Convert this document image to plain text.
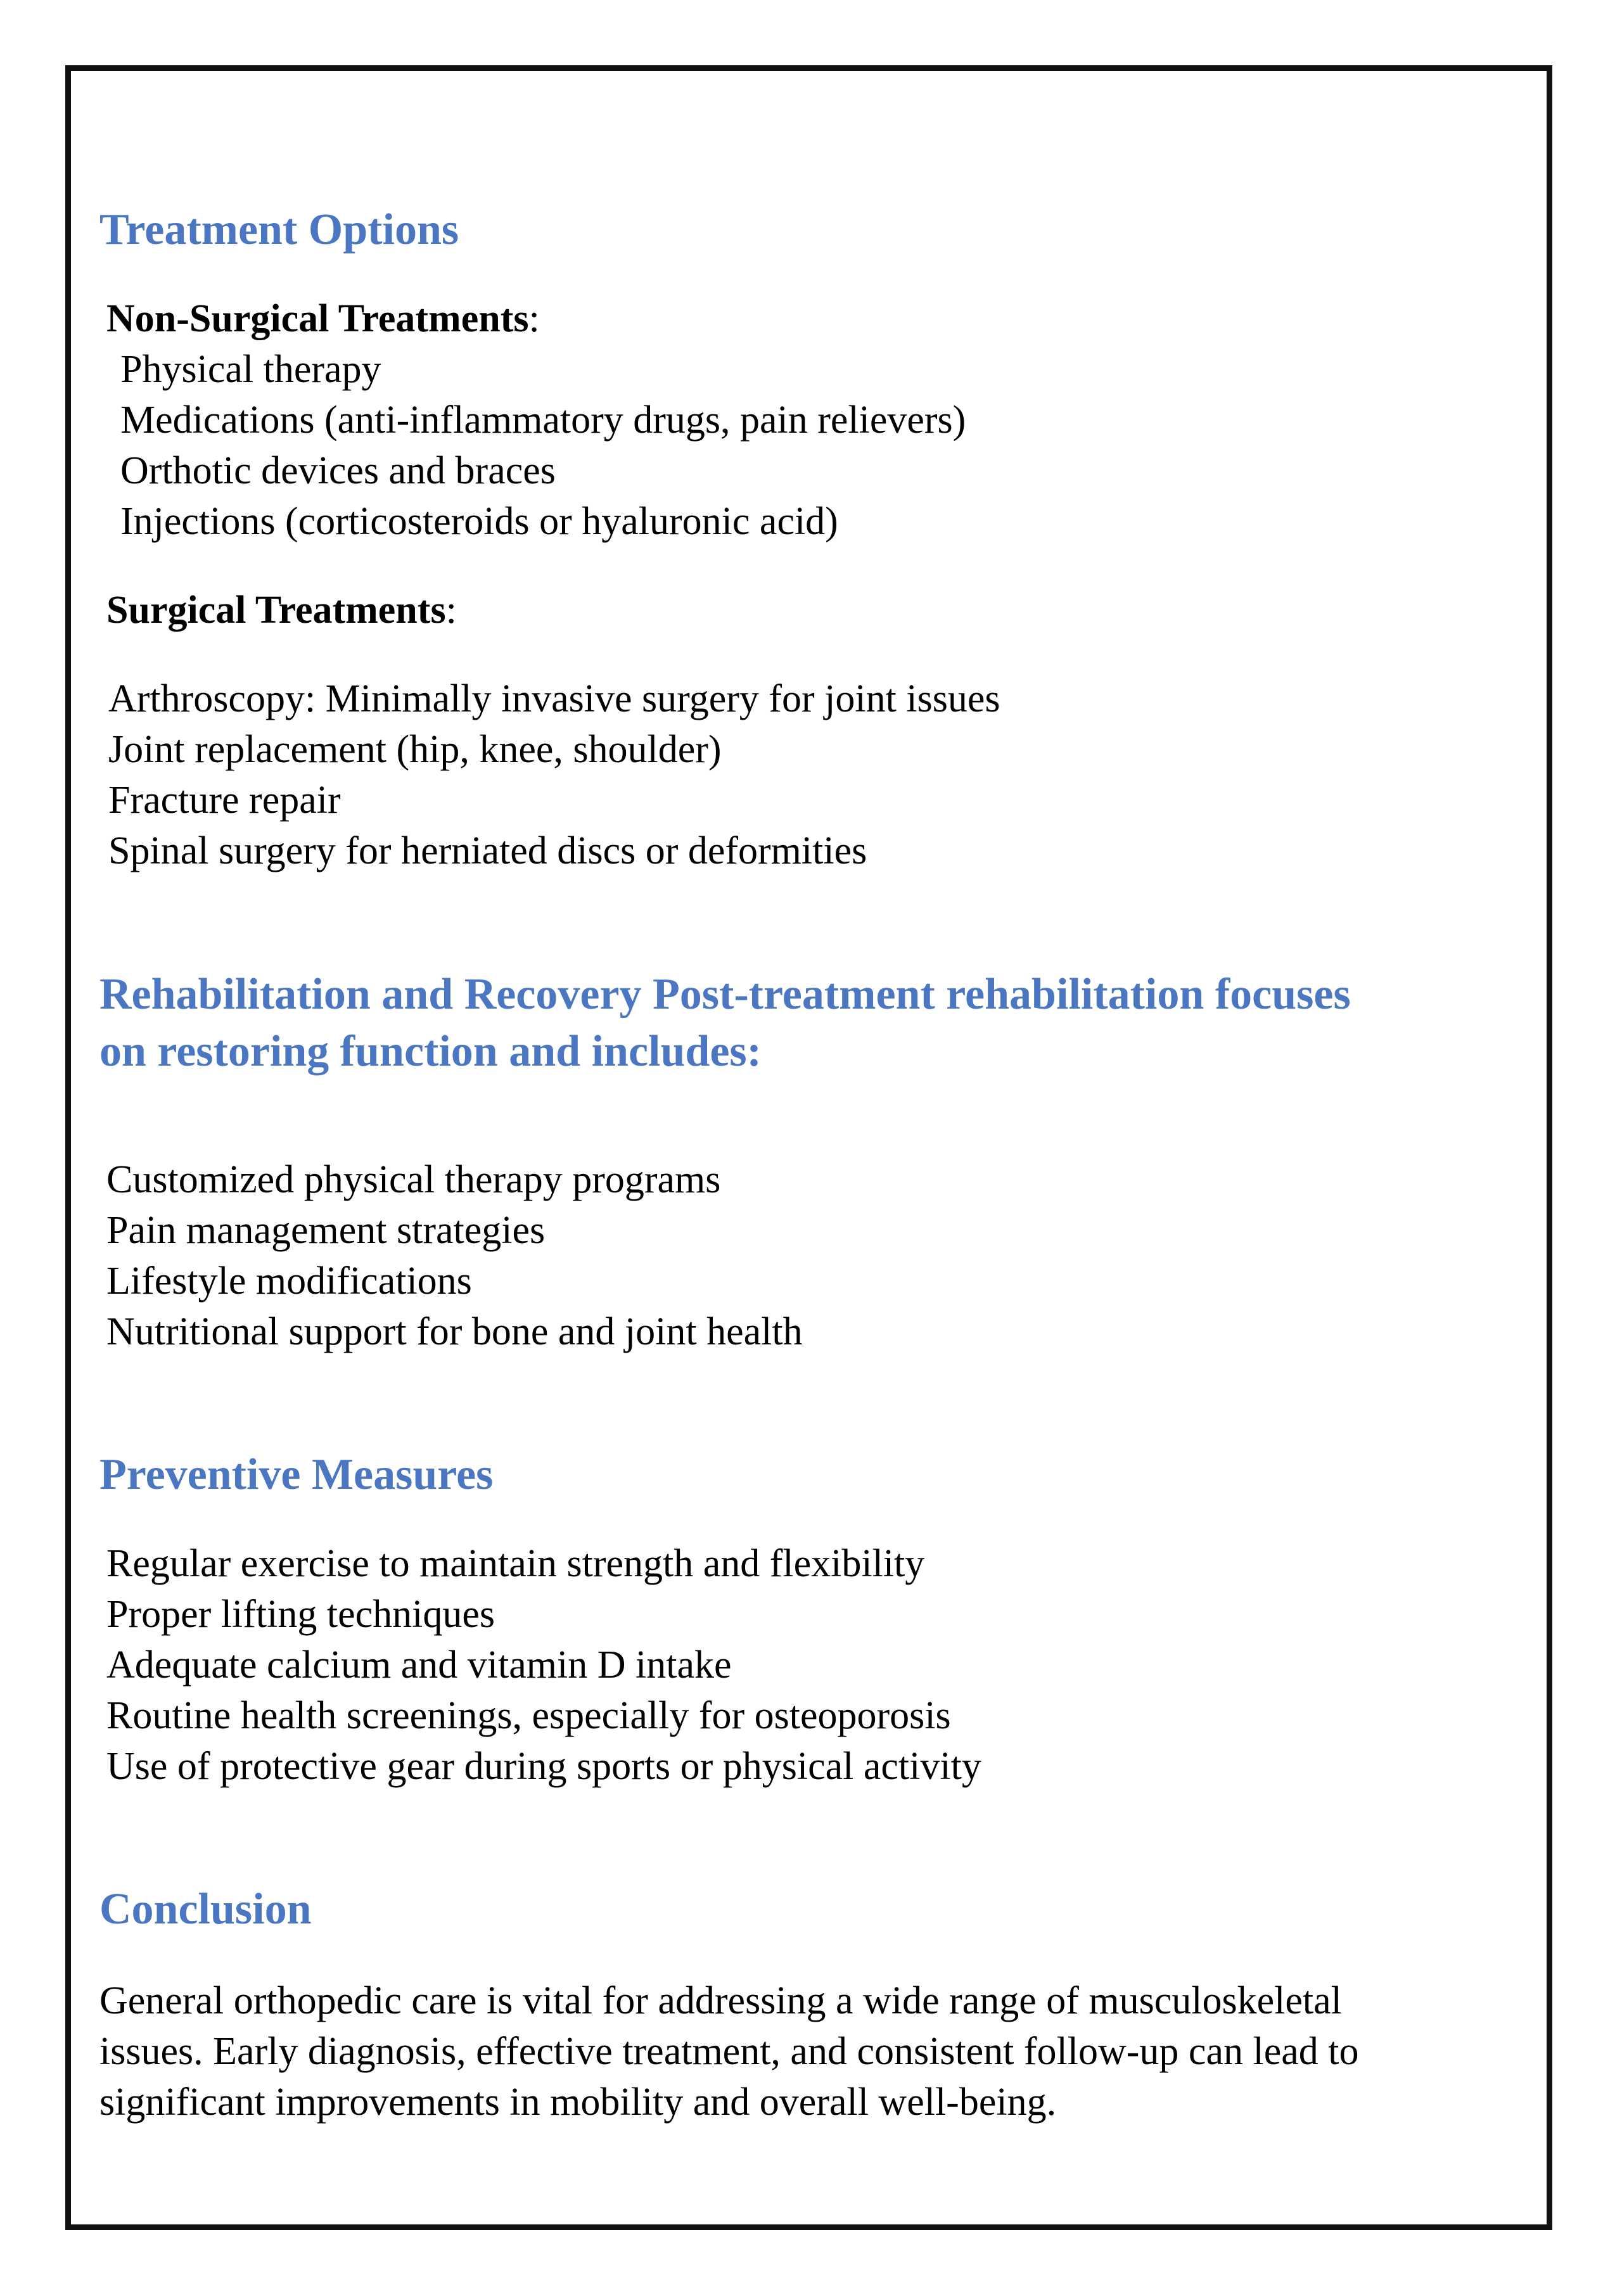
Treatment Options

Non-Surgical Treatments:

Physical therapy
Medications (anti-inflammatory drugs, pain relievers)
Orthotic devices and braces
Injections (corticosteroids or hyaluronic acid)

Surgical Treatments:

Arthroscopy: Minimally invasive surgery for joint issues
Joint replacement (hip, knee, shoulder)
Fracture repair
Spinal surgery for herniated discs or deformities
Rehabilitation and Recovery Post-treatment rehabilitation focuses
on restoring function and includes:
Customized physical therapy programs
Pain management strategies
Lifestyle modifications
Nutritional support for bone and joint health
Preventive Measures
Regular exercise to maintain strength and flexibility
Proper lifting techniques
Adequate calcium and vitamin D intake
Routine health screenings, especially for osteoporosis
Use of protective gear during sports or physical activity
Conclusion

General orthopedic care is vital for addressing a wide range of musculoskeletal
issues. Early diagnosis, effective treatment, and consistent follow-up can lead to
significant improvements in mobility and overall well-being.
